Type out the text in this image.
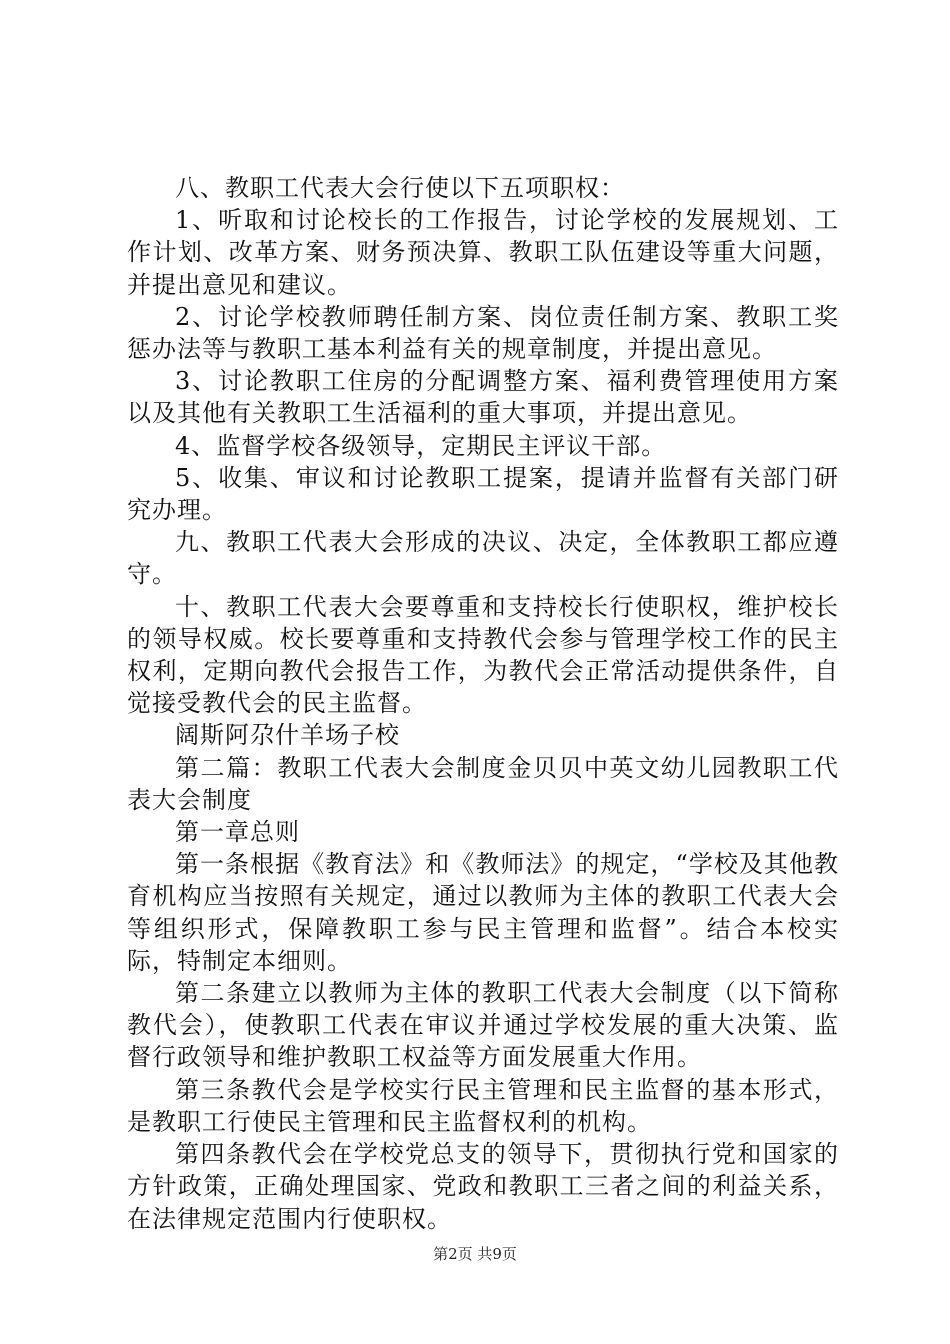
八、教职工代表大会行使以下五项职权：

1、听取和讨论校长的工作报告，讨论学校的发展规划、工作计划、改革方案、财务预决算、教职工队伍建设等重大问题，并提出意见和建议。

2、讨论学校教师聘任制方案、岗位责任制方案、教职工奖惩办法等与教职工基本利益有关的规章制度，并提出意见。

3、讨论教职工住房的分配调整方案、福利费管理使用方案以及其他有关教职工生活福利的重大事项，并提出意见。

4、监督学校各级领导，定期民主评议干部。

5、收集、审议和讨论教职工提案，提请并监督有关部门研究办理。

九、教职工代表大会形成的决议、决定，全体教职工都应遵守。

十、教职工代表大会要尊重和支持校长行使职权，维护校长的领导权威。校长要尊重和支持教代会参与管理学校工作的民主权利，定期向教代会报告工作，为教代会正常活动提供条件，自觉接受教代会的民主监督。

阔斯阿尕什羊场子校

第二篇：教职工代表大会制度金贝贝中英文幼儿园教职工代表大会制度

第一章总则

第一条根据《教育法》和《教师法》的规定，“学校及其他教育机构应当按照有关规定，通过以教师为主体的教职工代表大会等组织形式，保障教职工参与民主管理和监督”。结合本校实际，特制定本细则。

第二条建立以教师为主体的教职工代表大会制度（以下简称教代会），使教职工代表在审议并通过学校发展的重大决策、监督行政领导和维护教职工权益等方面发展重大作用。

第三条教代会是学校实行民主管理和民主监督的基本形式，是教职工行使民主管理和民主监督权利的机构。

第四条教代会在学校党总支的领导下，贯彻执行党和国家的方针政策，正确处理国家、党政和教职工三者之间的利益关系，在法律规定范围内行使职权。

第2页 共9页
